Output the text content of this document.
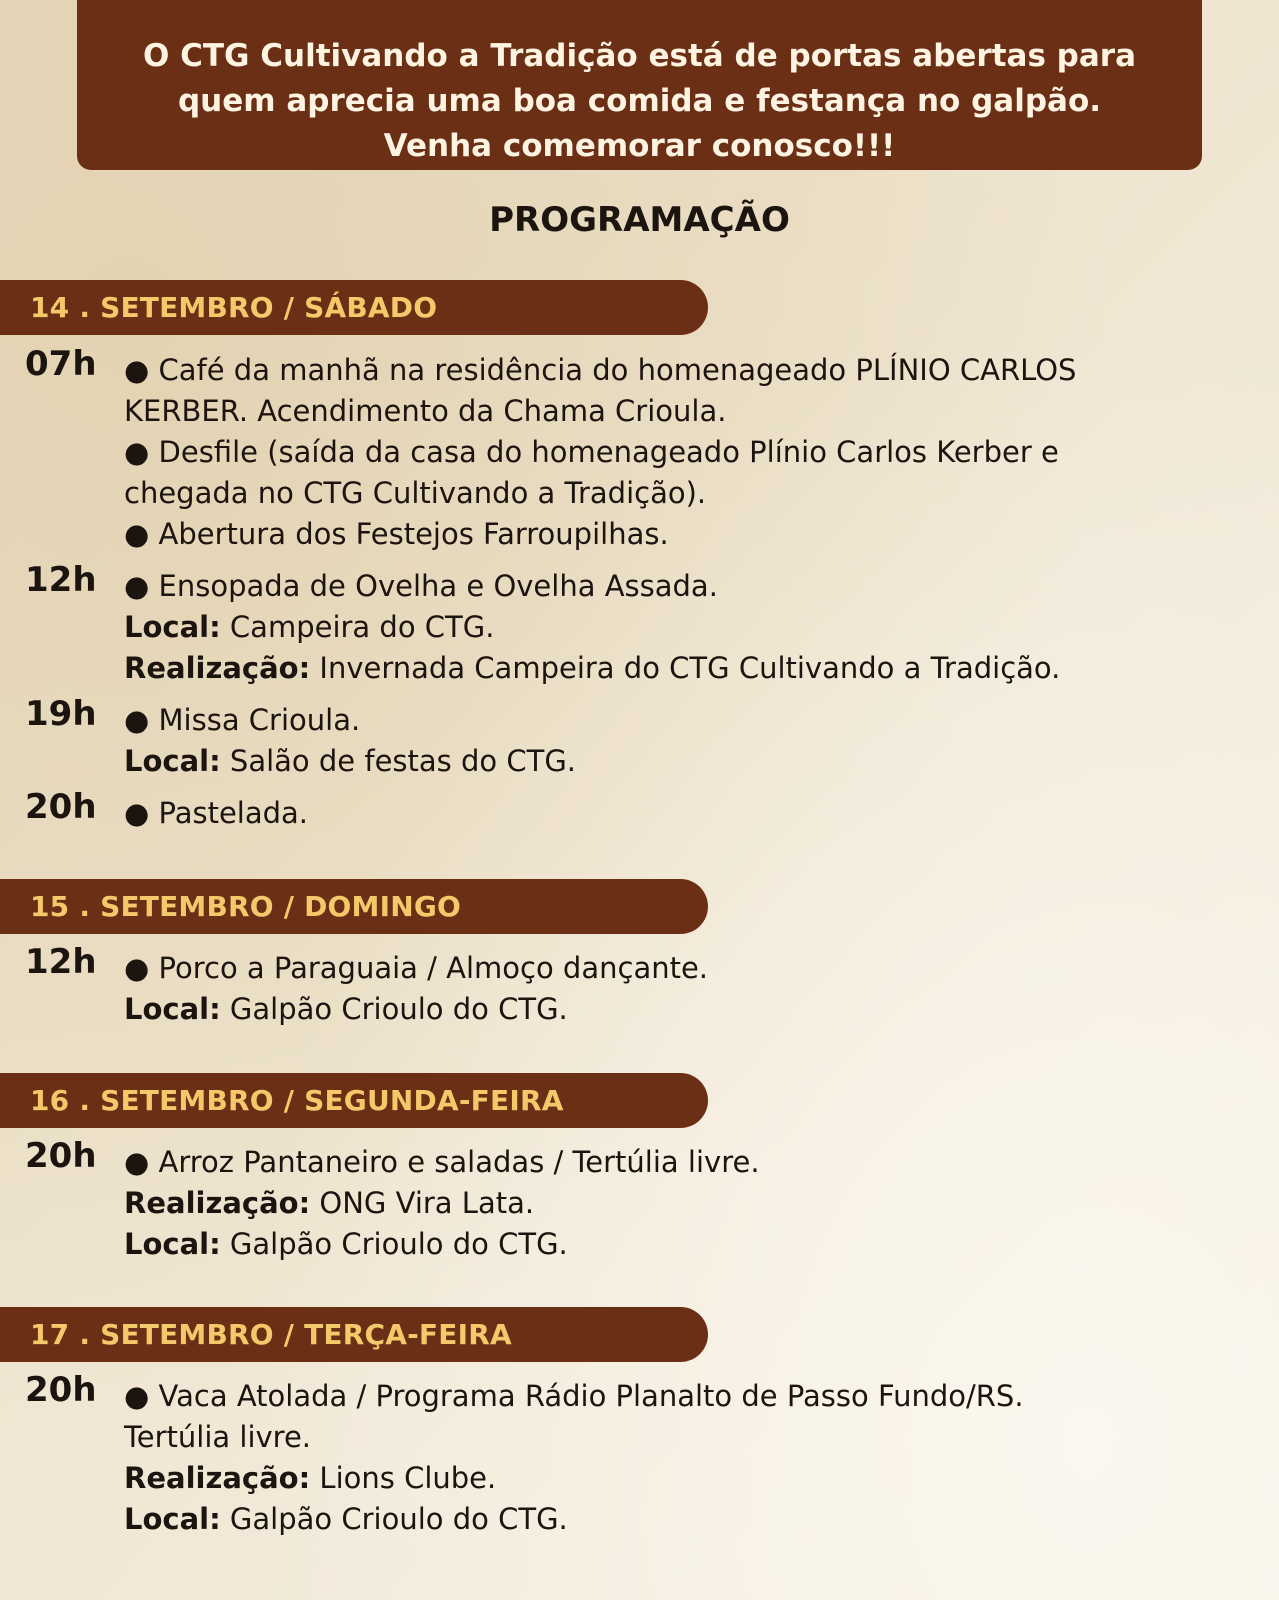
O CTG Cultivando a Tradição está de portas abertas para
quem aprecia uma boa comida e festança no galpão.
Venha comemorar conosco!!!
PROGRAMAÇÃO
14 . SETEMBRO / SÁBADO
07h ● Café da manhã na residência do homenageado PLÍNIO CARLOS
KERBER. Acendimento da Chama Crioula.
● Desfile (saída da casa do homenageado Plínio Carlos Kerber e
chegada no CTG Cultivando a Tradição).
● Abertura dos Festejos Farroupilhas.
12h ● Ensopada de Ovelha e Ovelha Assada.
Local: Campeira do CTG.
Realização: Invernada Campeira do CTG Cultivando a Tradição.
19h ● Missa Crioula.
Local: Salão de festas do CTG.
20h ● Pastelada.
15 . SETEMBRO / DOMINGO
12h ● Porco a Paraguaia / Almoço dançante.
Local: Galpão Crioulo do CTG.
16 . SETEMBRO / SEGUNDA-FEIRA
20h ● Arroz Pantaneiro e saladas / Tertúlia livre.
Realização: ONG Vira Lata.
Local: Galpão Crioulo do CTG.
17 . SETEMBRO / TERÇA-FEIRA
20h ● Vaca Atolada / Programa Rádio Planalto de Passo Fundo/RS.
Tertúlia livre.
Realização: Lions Clube.
Local: Galpão Crioulo do CTG.
